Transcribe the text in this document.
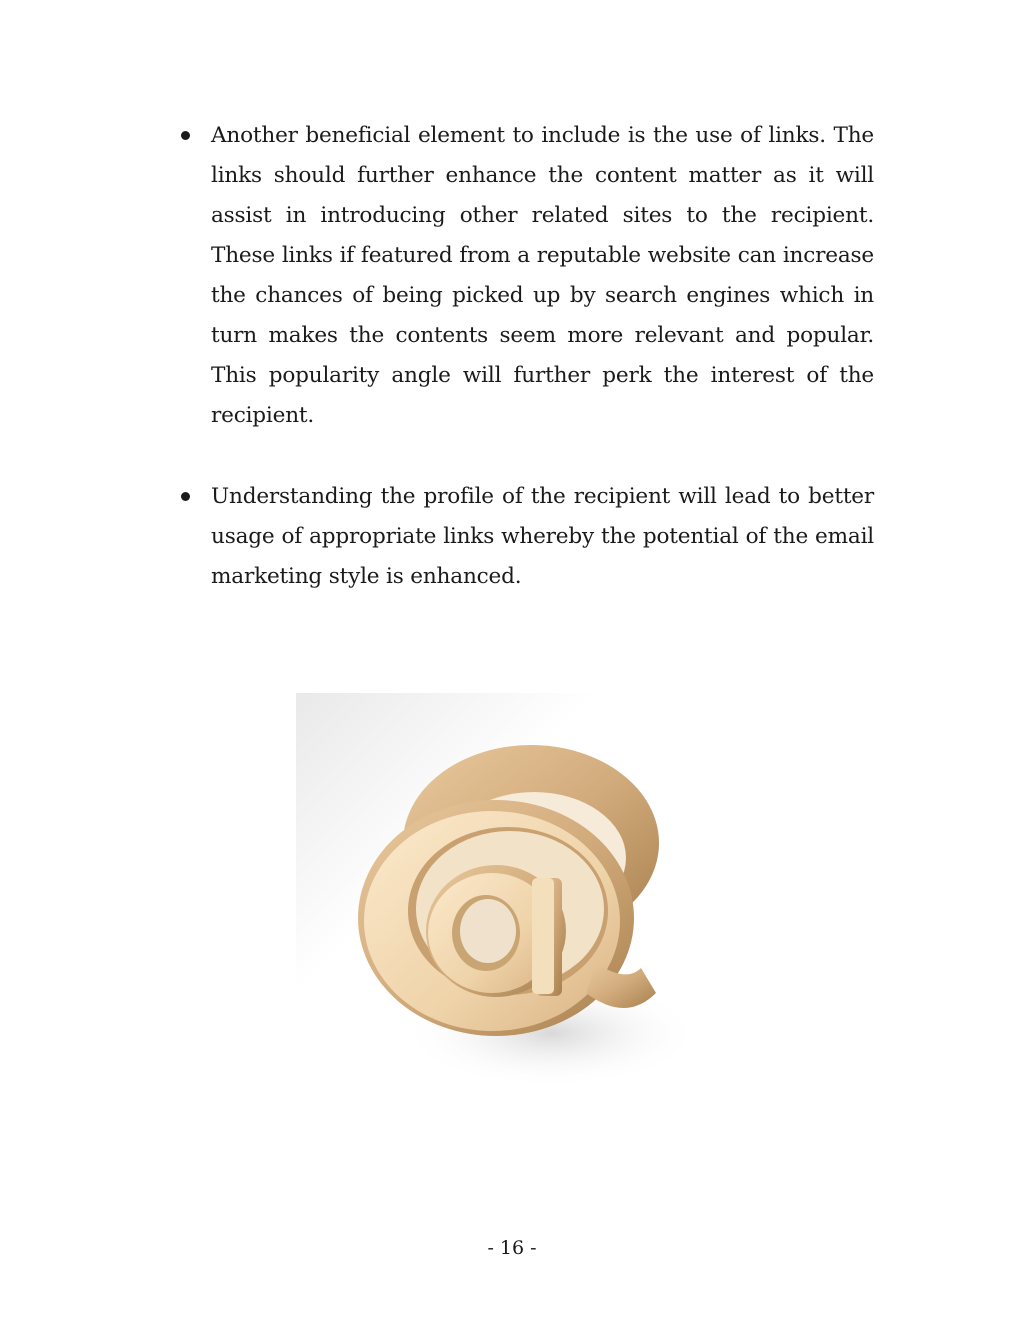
Another beneficial element to include is the use of links. The links should further enhance the content matter as it will assist in introducing other related sites to the recipient. These links if featured from a reputable website can increase the chances of being picked up by search engines which in turn makes the contents seem more relevant and popular. This popularity angle will further perk the interest of the recipient.
Understanding the profile of the recipient will lead to better usage of appropriate links whereby the potential of the email marketing style is enhanced.
- 16 -
